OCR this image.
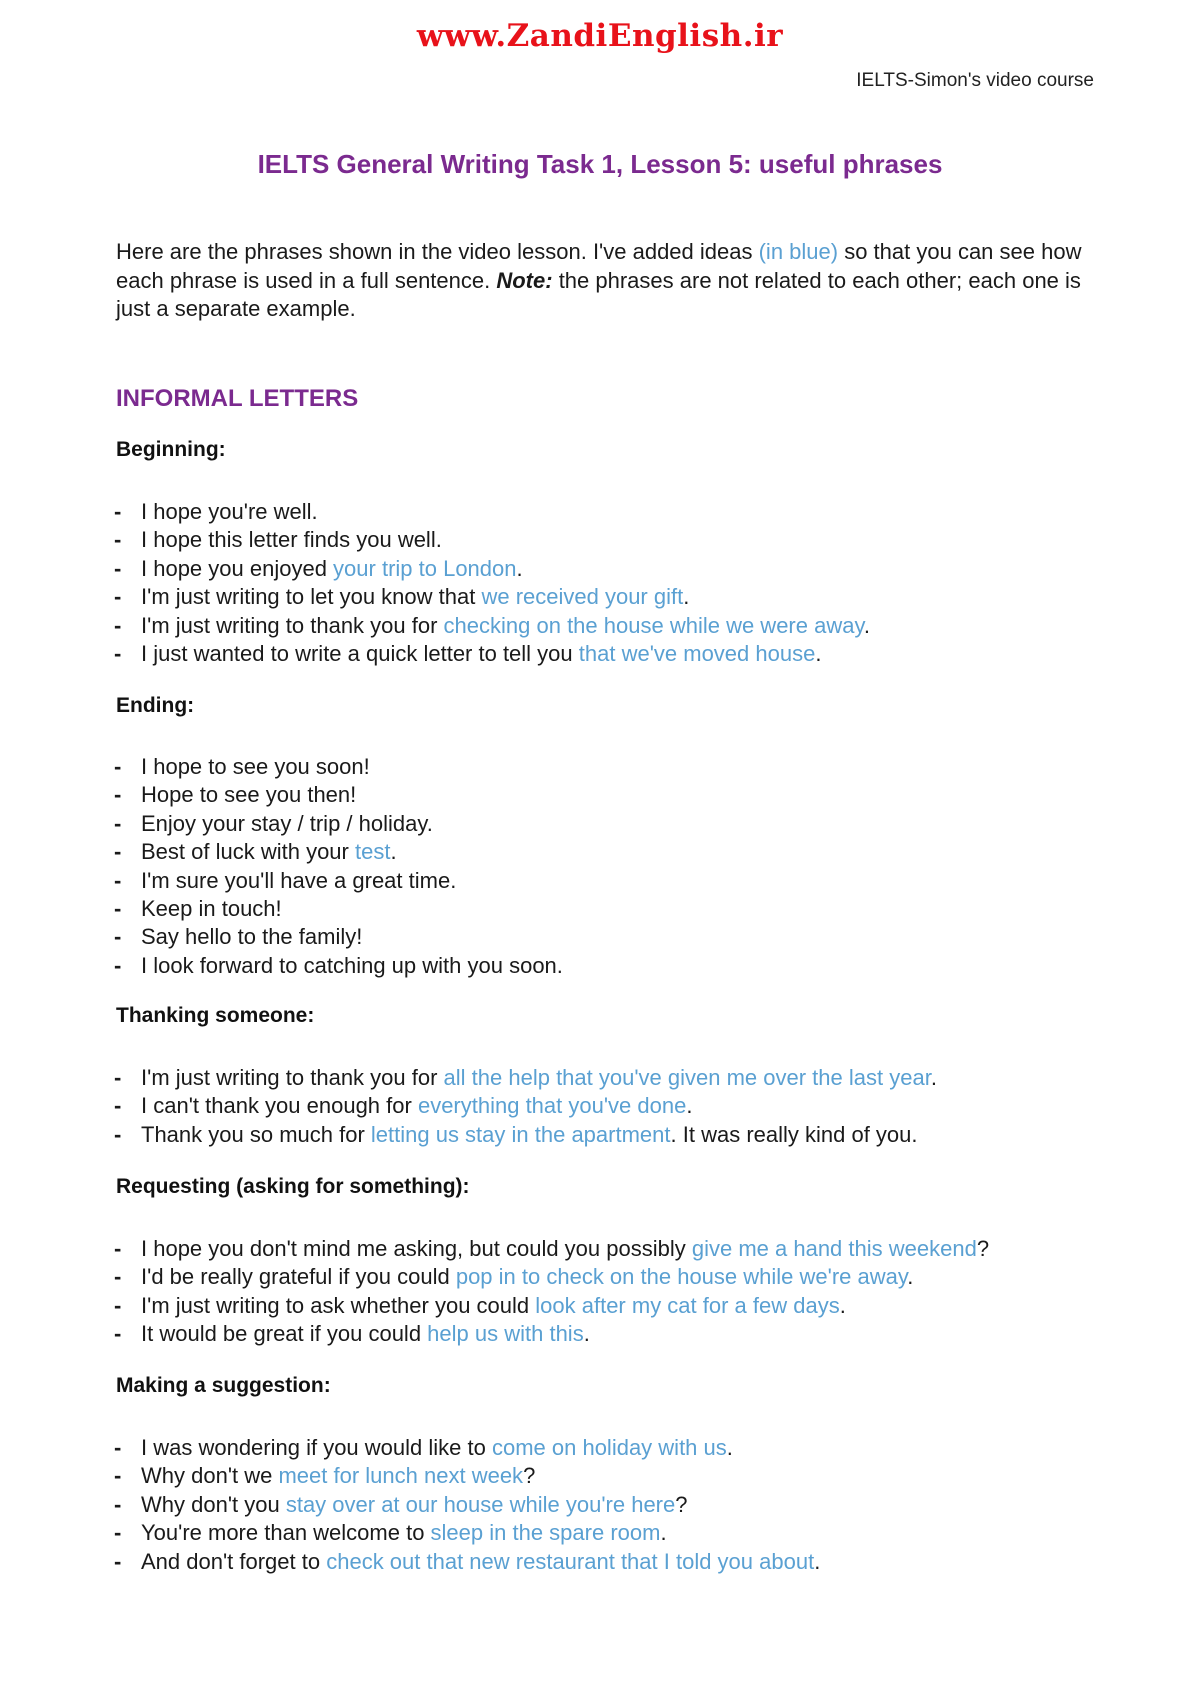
www.ZandiEnglish.ir
IELTS-Simon's video course
IELTS General Writing Task 1, Lesson 5: useful phrases
Here are the phrases shown in the video lesson. I've added ideas (in blue) so that you can see how each phrase is used in a full sentence. Note: the phrases are not related to each other; each one is just a separate example.
INFORMAL LETTERS
Beginning:
- I hope you're well.
- I hope this letter finds you well.
- I hope you enjoyed your trip to London.
- I'm just writing to let you know that we received your gift.
- I'm just writing to thank you for checking on the house while we were away.
- I just wanted to write a quick letter to tell you that we've moved house.
Ending:
- I hope to see you soon!
- Hope to see you then!
- Enjoy your stay / trip / holiday.
- Best of luck with your test.
- I'm sure you'll have a great time.
- Keep in touch!
- Say hello to the family!
- I look forward to catching up with you soon.
Thanking someone:
- I'm just writing to thank you for all the help that you've given me over the last year.
- I can't thank you enough for everything that you've done.
- Thank you so much for letting us stay in the apartment. It was really kind of you.
Requesting (asking for something):
- I hope you don't mind me asking, but could you possibly give me a hand this weekend?
- I'd be really grateful if you could pop in to check on the house while we're away.
- I'm just writing to ask whether you could look after my cat for a few days.
- It would be great if you could help us with this.
Making a suggestion:
- I was wondering if you would like to come on holiday with us.
- Why don't we meet for lunch next week?
- Why don't you stay over at our house while you're here?
- You're more than welcome to sleep in the spare room.
- And don't forget to check out that new restaurant that I told you about.
